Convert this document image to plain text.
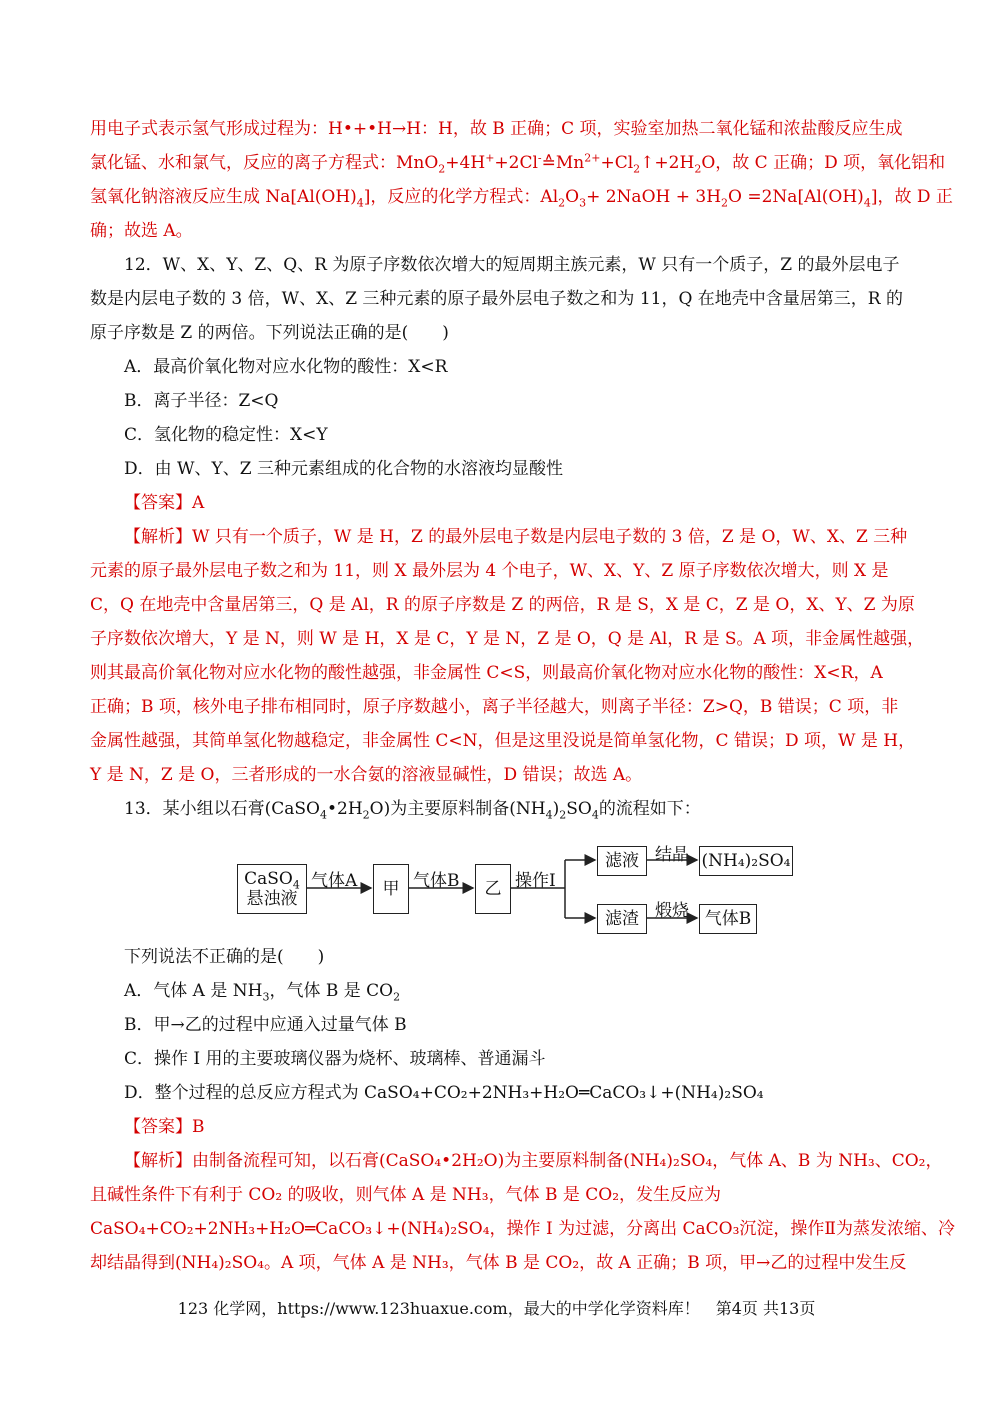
用电子式表示氢气形成过程为：H•+•H→H：H，故 B 正确；C 项，实验室加热二氧化锰和浓盐酸反应生成
氯化锰、水和氯气，反应的离子方程式：$MnO_2+4H^++2Cl^-≙Mn^{2+}+Cl_2↑+2H_2O$，故 C 正确；D 项，氧化铝和
氢氧化钠溶液反应生成 $Na[Al(OH)_4]$，反应的化学方程式：$Al_2O_3+$ 2NaOH + $3H_2O =2Na[Al(OH)_4]$，故 D 正
确；故选 A。
12．W、X、Y、Z、Q、R 为原子序数依次增大的短周期主族元素，W 只有一个质子，Z 的最外层电子
数是内层电子数的 3 倍，W、X、Z 三种元素的原子最外层电子数之和为 11，Q 在地壳中含量居第三，R 的
原子序数是 Z 的两倍。下列说法正确的是(　　)
A．最高价氧化物对应水化物的酸性：X<R
B．离子半径：Z<Q
C．氢化物的稳定性：X<Y
D．由 W、Y、Z 三种元素组成的化合物的水溶液均显酸性
【答案】A
【解析】W 只有一个质子，W 是 H，Z 的最外层电子数是内层电子数的 3 倍，Z 是 O，W、X、Z 三种
元素的原子最外层电子数之和为 11，则 X 最外层为 4 个电子，W、X、Y、Z 原子序数依次增大，则 X 是
C，Q 在地壳中含量居第三，Q 是 Al，R 的原子序数是 Z 的两倍，R 是 S，X 是 C，Z 是 O，X、Y、Z 为原
子序数依次增大，Y 是 N，则 W 是 H，X 是 C，Y 是 N，Z 是 O，Q 是 Al，R 是 S。A 项，非金属性越强，
则其最高价氧化物对应水化物的酸性越强，非金属性 C<S，则最高价氧化物对应水化物的酸性：X<R，A
正确；B 项，核外电子排布相同时，原子序数越小，离子半径越大，则离子半径：Z>Q，B 错误；C 项，非
金属性越强，其简单氢化物越稳定，非金属性 C<N，但是这里没说是简单氢化物，C 错误；D 项，W 是 H，
Y 是 N，Z 是 O，三者形成的一水合氨的溶液显碱性，D 错误；故选 A。
13．某小组以石膏$(CaSO_4•2H_2O)$为主要原料制备$(NH_4)_2SO_4$的流程如下：
CaSO$_4$
悬浊液
气体A	甲 气体B	乙 操作I
滤液 结晶 (NH₄)₂SO₄
滤渣 煅烧 气体B
下列说法不正确的是(　　)
A．气体 A 是 $NH_3$，气体 B 是 $CO_2$
B．甲→乙的过程中应通入过量气体 B
C．操作 I 用的主要玻璃仪器为烧杯、玻璃棒、普通漏斗
D．整个过程的总反应方程式为 CaSO₄+CO₂+2NH₃+H₂O═CaCO₃↓+(NH₄)₂SO₄
【答案】B
【解析】由制备流程可知，以石膏(CaSO₄•2H₂O)为主要原料制备(NH₄)₂SO₄，气体 A、B 为 NH₃、CO₂，
且碱性条件下有利于 CO₂ 的吸收，则气体 A 是 NH₃，气体 B 是 CO₂，发生反应为
CaSO₄+CO₂+2NH₃+H₂O═CaCO₃↓+(NH₄)₂SO₄，操作 I 为过滤，分离出 CaCO₃沉淀，操作Ⅱ为蒸发浓缩、冷
却结晶得到(NH₄)₂SO₄。A 项，气体 A 是 NH₃，气体 B 是 CO₂，故 A 正确；B 项，甲→乙的过程中发生反
123 化学网，https://www.123huaxue.com，最大的中学化学资料库！　第4页 共13页
